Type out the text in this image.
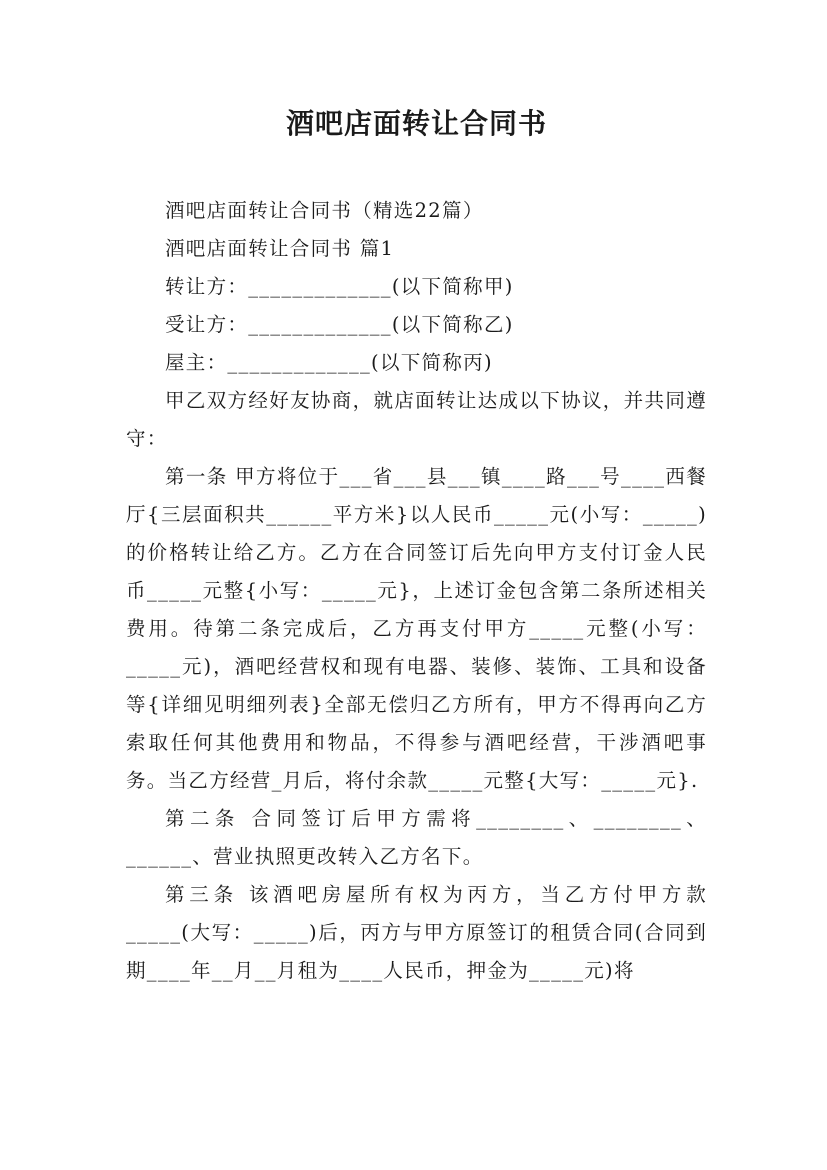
酒吧店面转让合同书

酒吧店面转让合同书（精选22篇）

酒吧店面转让合同书 篇1

转让方：_____________(以下简称甲)

受让方：_____________(以下简称乙)

屋主：_____________(以下简称丙)

甲乙双方经好友协商，就店面转让达成以下协议，并共同遵守：

第一条 甲方将位于___省___县___镇____路___号____西餐厅{三层面积共______平方米}以人民币_____元(小写：_____)的价格转让给乙方。乙方在合同签订后先向甲方支付订金人民币_____元整{小写：_____元}，上述订金包含第二条所述相关费用。待第二条完成后，乙方再支付甲方_____元整(小写：_____元)，酒吧经营权和现有电器、装修、装饰、工具和设备等{详细见明细列表}全部无偿归乙方所有，甲方不得再向乙方索取任何其他费用和物品，不得参与酒吧经营，干涉酒吧事务。当乙方经营_月后，将付余款_____元整{大写：_____元}.

第二条 合同签订后甲方需将________、________、______、营业执照更改转入乙方名下。

第三条 该酒吧房屋所有权为丙方，当乙方付甲方款_____(大写：_____)后，丙方与甲方原签订的租赁合同(合同到期____年__月__月租为____人民币，押金为_____元)将
